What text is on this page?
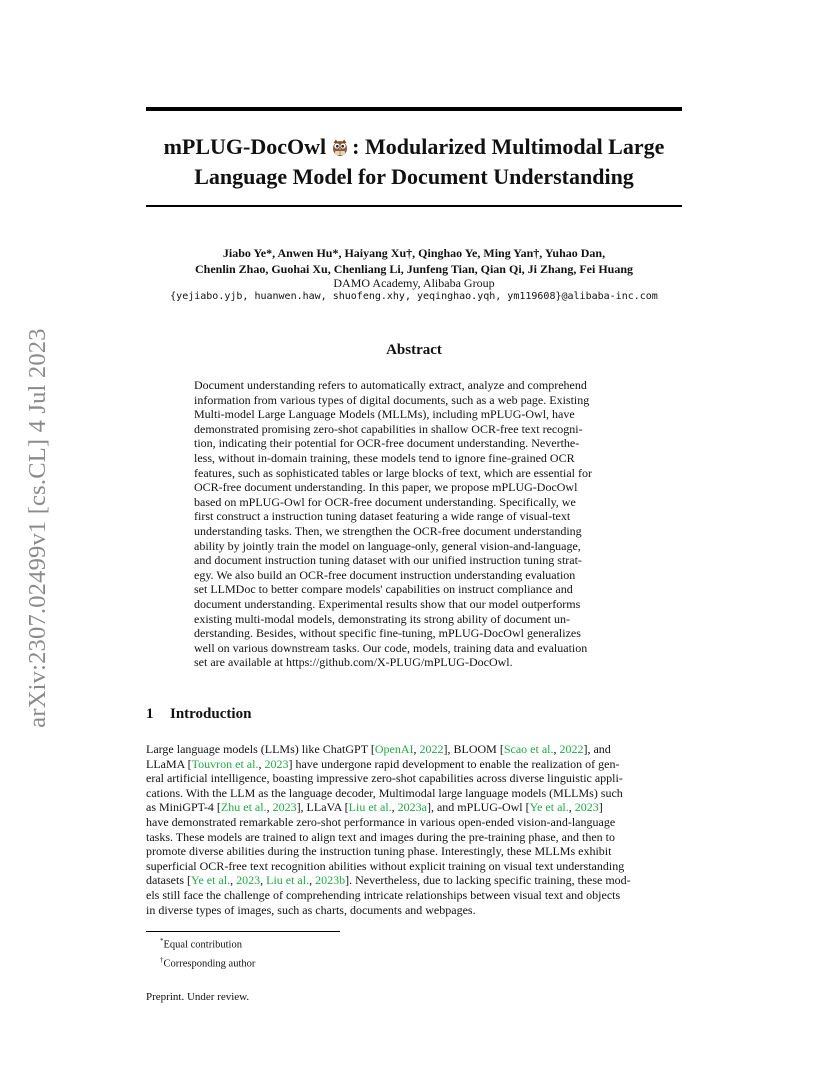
arXiv:2307.02499v1 [cs.CL] 4 Jul 2023
mPLUG-DocOwl : Modularized Multimodal Large
Language Model for Document Understanding
Jiabo Ye*, Anwen Hu*, Haiyang Xu†, Qinghao Ye, Ming Yan†, Yuhao Dan,
Chenlin Zhao, Guohai Xu, Chenliang Li, Junfeng Tian, Qian Qi, Ji Zhang, Fei Huang
DAMO Academy, Alibaba Group
{yejiabo.yjb, huanwen.haw, shuofeng.xhy, yeqinghao.yqh, ym119608}@alibaba-inc.com
Abstract
Document understanding refers to automatically extract, analyze and comprehend
information from various types of digital documents, such as a web page. Existing
Multi-model Large Language Models (MLLMs), including mPLUG-Owl, have
demonstrated promising zero-shot capabilities in shallow OCR-free text recogni-
tion, indicating their potential for OCR-free document understanding. Neverthe-
less, without in-domain training, these models tend to ignore fine-grained OCR
features, such as sophisticated tables or large blocks of text, which are essential for
OCR-free document understanding. In this paper, we propose mPLUG-DocOwl
based on mPLUG-Owl for OCR-free document understanding. Specifically, we
first construct a instruction tuning dataset featuring a wide range of visual-text
understanding tasks. Then, we strengthen the OCR-free document understanding
ability by jointly train the model on language-only, general vision-and-language,
and document instruction tuning dataset with our unified instruction tuning strat-
egy. We also build an OCR-free document instruction understanding evaluation
set LLMDoc to better compare models' capabilities on instruct compliance and
document understanding. Experimental results show that our model outperforms
existing multi-modal models, demonstrating its strong ability of document un-
derstanding. Besides, without specific fine-tuning, mPLUG-DocOwl generalizes
well on various downstream tasks. Our code, models, training data and evaluation
set are available at https://github.com/X-PLUG/mPLUG-DocOwl.
1 Introduction
Large language models (LLMs) like ChatGPT [OpenAI, 2022], BLOOM [Scao et al., 2022], and
LLaMA [Touvron et al., 2023] have undergone rapid development to enable the realization of gen-
eral artificial intelligence, boasting impressive zero-shot capabilities across diverse linguistic appli-
cations. With the LLM as the language decoder, Multimodal large language models (MLLMs) such
as MiniGPT-4 [Zhu et al., 2023], LLaVA [Liu et al., 2023a], and mPLUG-Owl [Ye et al., 2023]
have demonstrated remarkable zero-shot performance in various open-ended vision-and-language
tasks. These models are trained to align text and images during the pre-training phase, and then to
promote diverse abilities during the instruction tuning phase. Interestingly, these MLLMs exhibit
superficial OCR-free text recognition abilities without explicit training on visual text understanding
datasets [Ye et al., 2023, Liu et al., 2023b]. Nevertheless, due to lacking specific training, these mod-
els still face the challenge of comprehending intricate relationships between visual text and objects
in diverse types of images, such as charts, documents and webpages.
*Equal contribution
†Corresponding author
Preprint. Under review.
